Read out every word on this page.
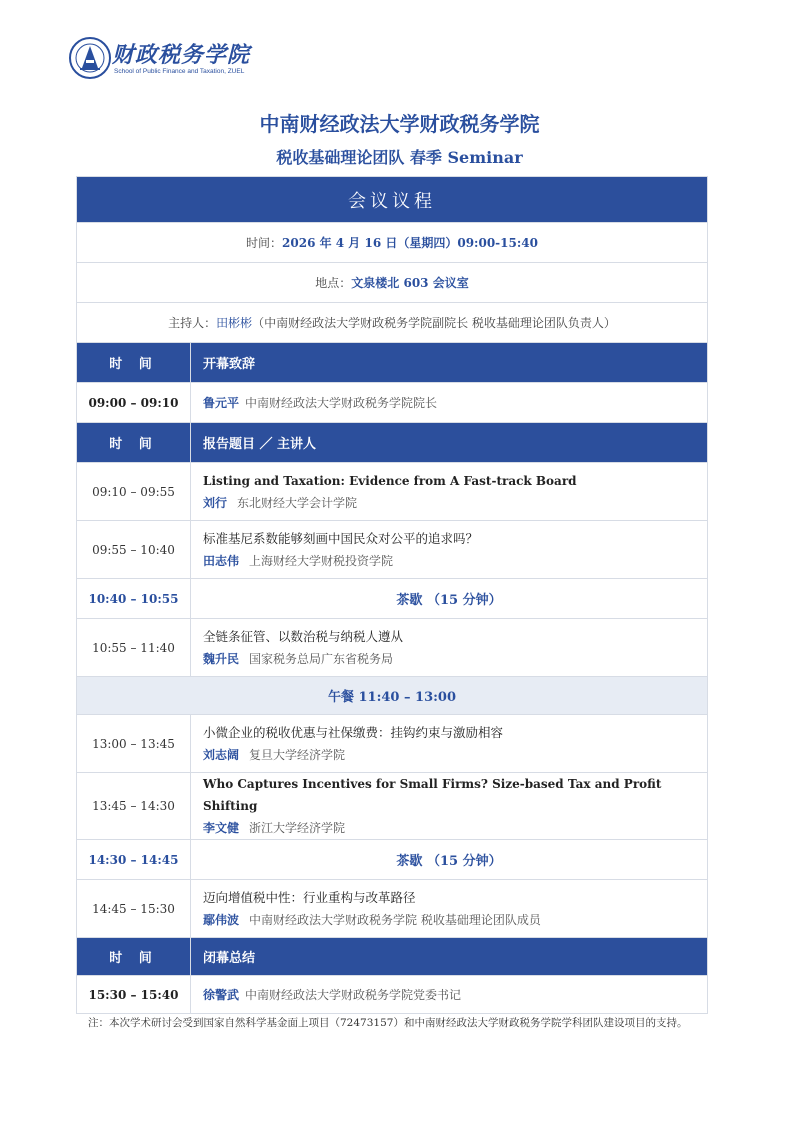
财政税务学院
School of Public Finance and Taxation, ZUEL
中南财经政法大学财政税务学院
税收基础理论团队 春季 Seminar
会议议程	
时间：2026 年 4 月 16 日（星期四）09:00-15:40	
地点：文泉楼北 603 会议室	
主持人：田彬彬（中南财经政法大学财政税务学院副院长 税收基础理论团队负责人）	
时 间	开幕致辞
09:00 – 09:10	鲁元平 中南财经政法大学财政税务学院院长
时 间	报告题目 ／ 主讲人
09:10 – 09:55	Listing and Taxation: Evidence from A Fast-track Board
刘行 东北财经大学会计学院

09:55 – 10:40	标准基尼系数能够刻画中国民众对公平的追求吗？
田志伟 上海财经大学财税投资学院

10:40 – 10:55	茶歇 （15 分钟）
10:55 – 11:40	全链条征管、以数治税与纳税人遵从
魏升民 国家税务总局广东省税务局

午餐 11:40 – 13:00	
13:00 – 13:45	小微企业的税收优惠与社保缴费：挂钩约束与激励相容
刘志阔 复旦大学经济学院

13:45 – 14:30	Who Captures Incentives for Small Firms? Size-based Tax and Profit Shifting
李文健 浙江大学经济学院

14:30 – 14:45	茶歇 （15 分钟）
14:45 – 15:30	迈向增值税中性：行业重构与改革路径
鄢伟波 中南财经政法大学财政税务学院 税收基础理论团队成员

时 间	闭幕总结
15:30 – 15:40	徐警武 中南财经政法大学财政税务学院党委书记
注：本次学术研讨会受到国家自然科学基金面上项目（72473157）和中南财经政法大学财政税务学院学科团队建设项目的支持。
